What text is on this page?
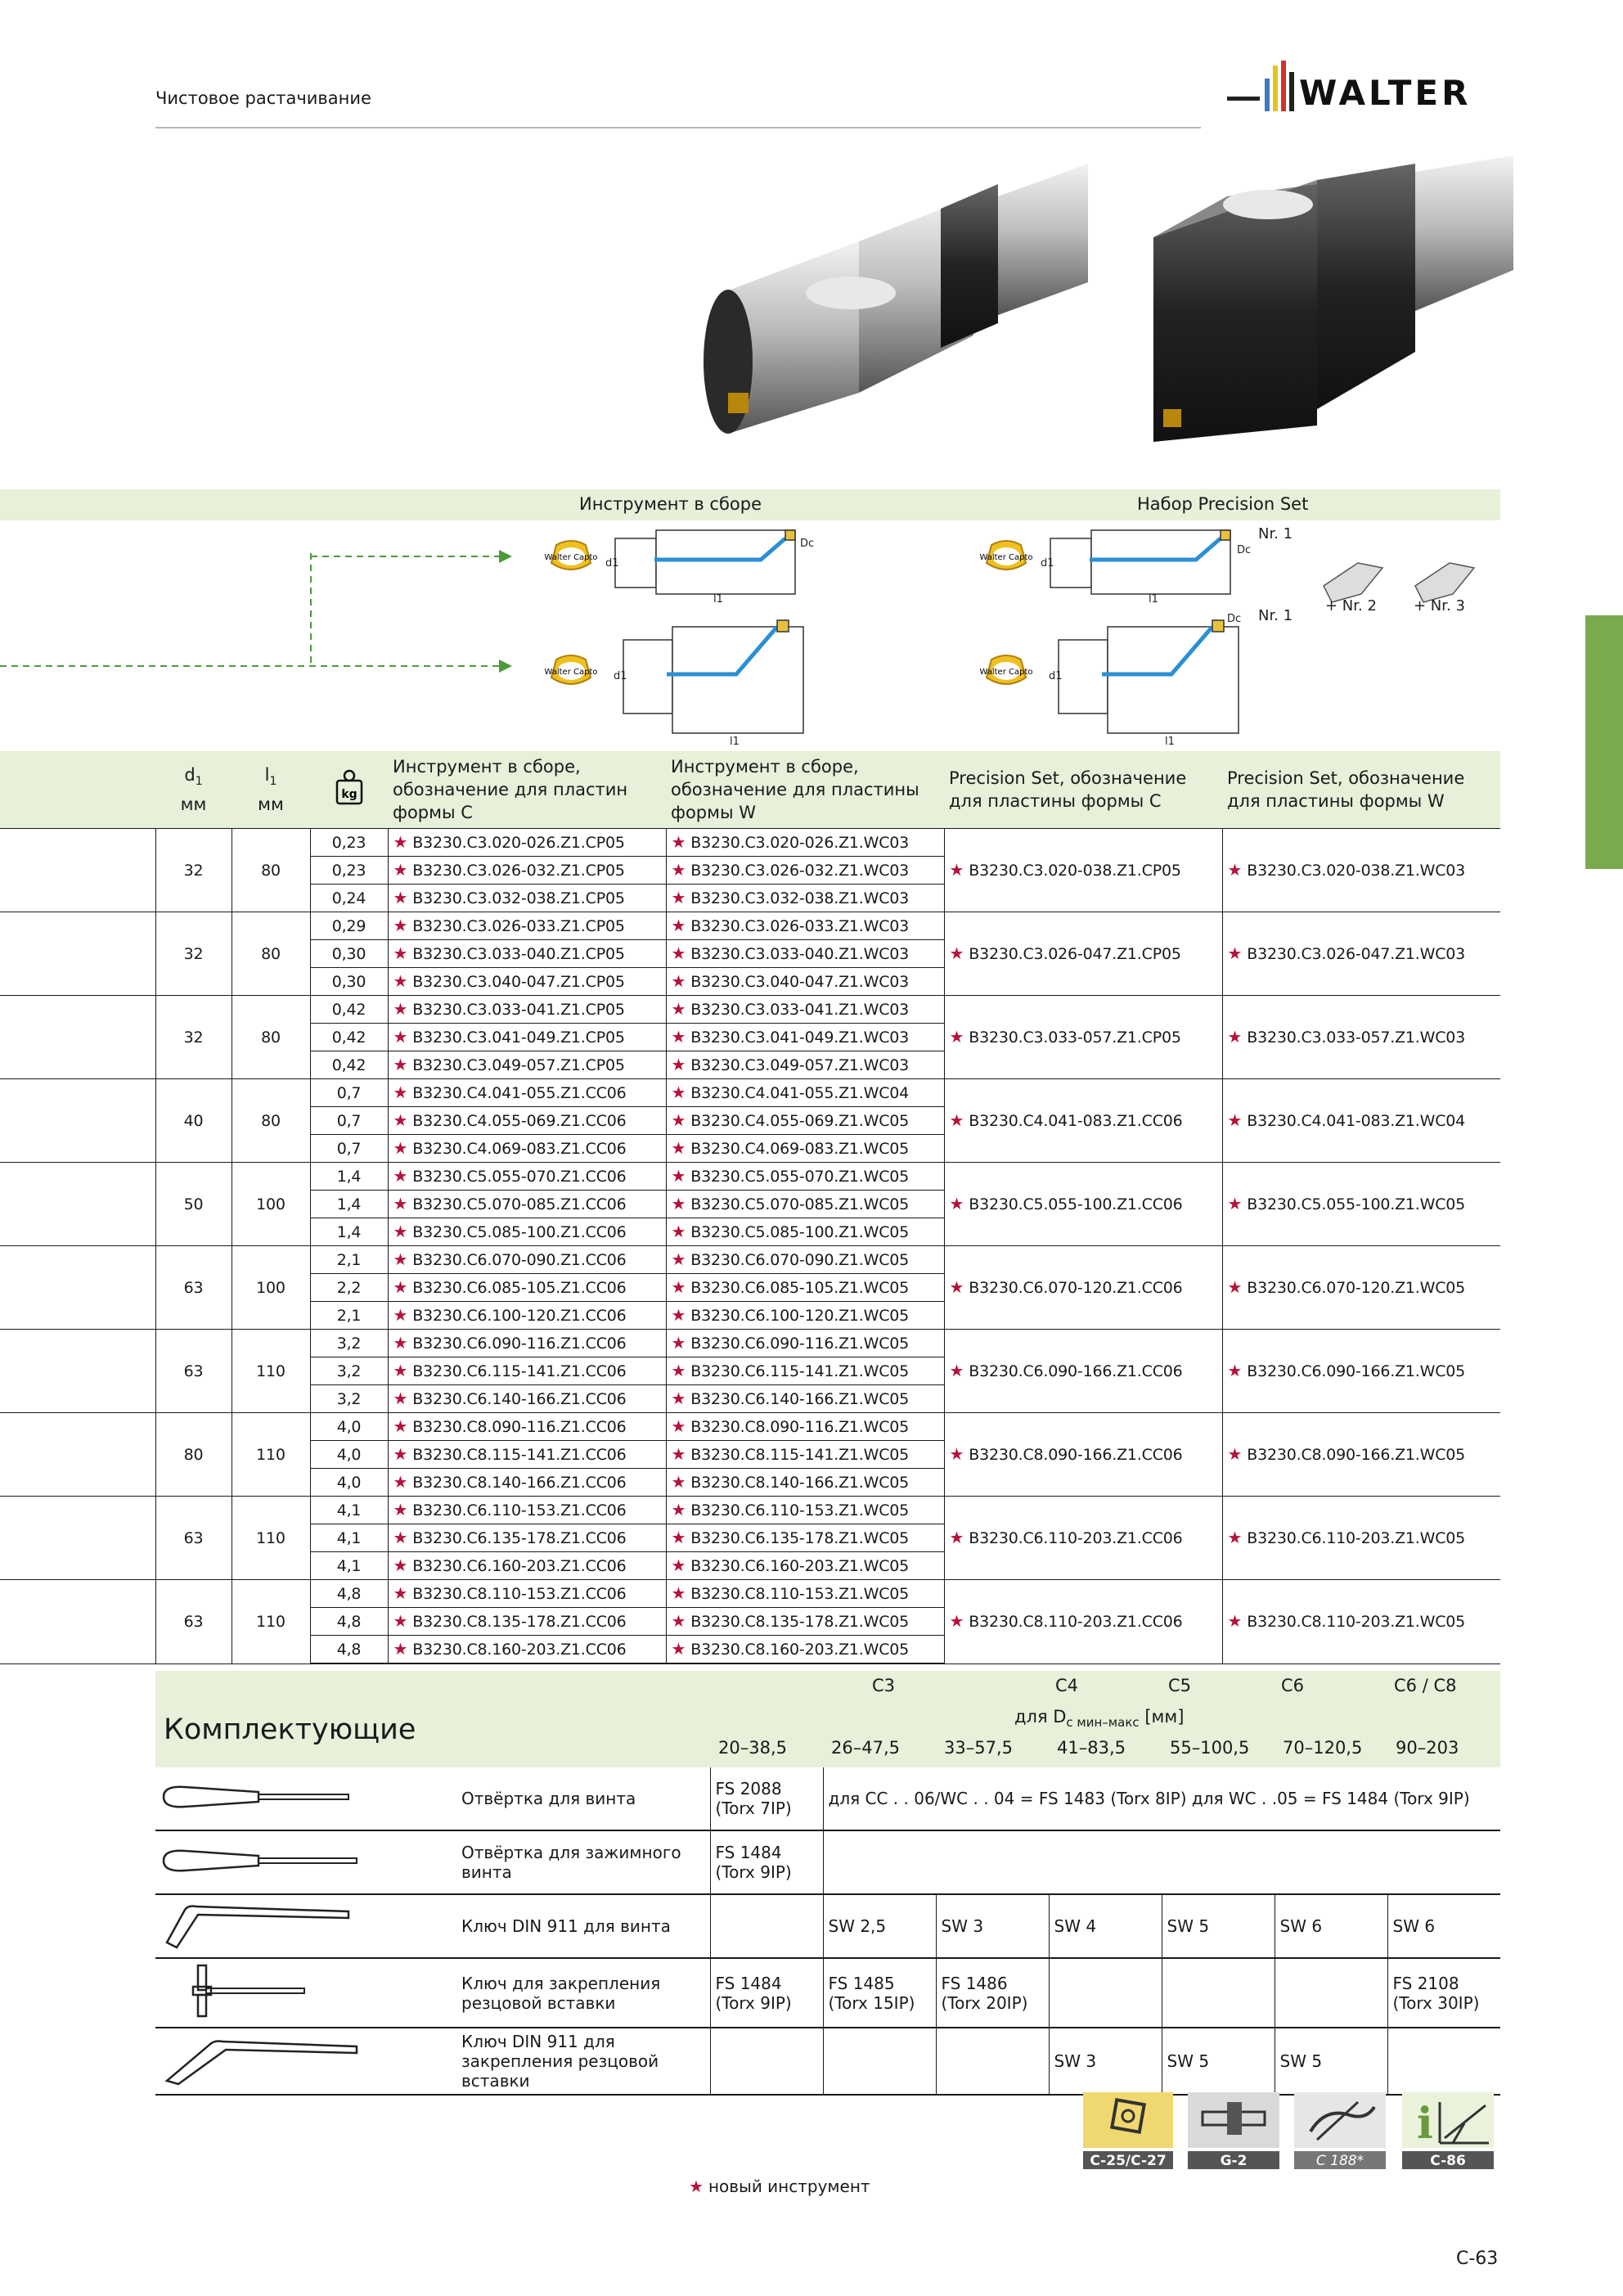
Чистовое растачивание	WALTER
Инструмент в сборе	Набор Precision Set
Walter Capto
Walter Capto
Walter Capto
Walter Capto
Dc
d1
l1
d1
l1
Dc
d1
l1
Nr. 1
Dc
d1
l1
Nr. 1
+ Nr. 2	+ Nr. 3
	$d_1$
мм	$l_1$
мм	kg	Инструмент в сборе, обозначение для пластин формы C	Инструмент в сборе, обозначение для пластины формы W	Precision Set, обозначение для пластины формы C	Precision Set, обозначение для пластины формы W
	32	80	0,23	★ B3230.C3.020-026.Z1.CP05	★ B3230.C3.020-026.Z1.WC03	★ B3230.C3.020-038.Z1.CP05	★ B3230.C3.020-038.Z1.WC03
			0,23	★ B3230.C3.026-032.Z1.CP05	★ B3230.C3.026-032.Z1.WC03		
			0,24	★ B3230.C3.032-038.Z1.CP05	★ B3230.C3.032-038.Z1.WC03		
	32	80	0,29	★ B3230.C3.026-033.Z1.CP05	★ B3230.C3.026-033.Z1.WC03	★ B3230.C3.026-047.Z1.CP05	★ B3230.C3.026-047.Z1.WC03
			0,30	★ B3230.C3.033-040.Z1.CP05	★ B3230.C3.033-040.Z1.WC03		
			0,30	★ B3230.C3.040-047.Z1.CP05	★ B3230.C3.040-047.Z1.WC03		
	32	80	0,42	★ B3230.C3.033-041.Z1.CP05	★ B3230.C3.033-041.Z1.WC03	★ B3230.C3.033-057.Z1.CP05	★ B3230.C3.033-057.Z1.WC03
			0,42	★ B3230.C3.041-049.Z1.CP05	★ B3230.C3.041-049.Z1.WC03		
			0,42	★ B3230.C3.049-057.Z1.CP05	★ B3230.C3.049-057.Z1.WC03		
	40	80	0,7	★ B3230.C4.041-055.Z1.CC06	★ B3230.C4.041-055.Z1.WC04	★ B3230.C4.041-083.Z1.CC06	★ B3230.C4.041-083.Z1.WC04
			0,7	★ B3230.C4.055-069.Z1.CC06	★ B3230.C4.055-069.Z1.WC05		
			0,7	★ B3230.C4.069-083.Z1.CC06	★ B3230.C4.069-083.Z1.WC05		
	50	100	1,4	★ B3230.C5.055-070.Z1.CC06	★ B3230.C5.055-070.Z1.WC05	★ B3230.C5.055-100.Z1.CC06	★ B3230.C5.055-100.Z1.WC05
			1,4	★ B3230.C5.070-085.Z1.CC06	★ B3230.C5.070-085.Z1.WC05		
			1,4	★ B3230.C5.085-100.Z1.CC06	★ B3230.C5.085-100.Z1.WC05		
	63	100	2,1	★ B3230.C6.070-090.Z1.CC06	★ B3230.C6.070-090.Z1.WC05	★ B3230.C6.070-120.Z1.CC06	★ B3230.C6.070-120.Z1.WC05
			2,2	★ B3230.C6.085-105.Z1.CC06	★ B3230.C6.085-105.Z1.WC05		
			2,1	★ B3230.C6.100-120.Z1.CC06	★ B3230.C6.100-120.Z1.WC05		
	63	110	3,2	★ B3230.C6.090-116.Z1.CC06	★ B3230.C6.090-116.Z1.WC05	★ B3230.C6.090-166.Z1.CC06	★ B3230.C6.090-166.Z1.WC05
			3,2	★ B3230.C6.115-141.Z1.CC06	★ B3230.C6.115-141.Z1.WC05		
			3,2	★ B3230.C6.140-166.Z1.CC06	★ B3230.C6.140-166.Z1.WC05		
	80	110	4,0	★ B3230.C8.090-116.Z1.CC06	★ B3230.C8.090-116.Z1.WC05	★ B3230.C8.090-166.Z1.CC06	★ B3230.C8.090-166.Z1.WC05
			4,0	★ B3230.C8.115-141.Z1.CC06	★ B3230.C8.115-141.Z1.WC05		
			4,0	★ B3230.C8.140-166.Z1.CC06	★ B3230.C8.140-166.Z1.WC05		
	63	110	4,1	★ B3230.C6.110-153.Z1.CC06	★ B3230.C6.110-153.Z1.WC05	★ B3230.C6.110-203.Z1.CC06	★ B3230.C6.110-203.Z1.WC05
			4,1	★ B3230.C6.135-178.Z1.CC06	★ B3230.C6.135-178.Z1.WC05		
			4,1	★ B3230.C6.160-203.Z1.CC06	★ B3230.C6.160-203.Z1.WC05		
	63	110	4,8	★ B3230.C8.110-153.Z1.CC06	★ B3230.C8.110-153.Z1.WC05	★ B3230.C8.110-203.Z1.CC06	★ B3230.C8.110-203.Z1.WC05
			4,8	★ B3230.C8.135-178.Z1.CC06	★ B3230.C8.135-178.Z1.WC05		
			4,8	★ B3230.C8.160-203.Z1.CC06	★ B3230.C8.160-203.Z1.WC05		
Комплектующие
C3	C4	C5	C6	C6 / C8
для $D_{c мин-макс}$ [мм]
20–38,5	26–47,5	33–57,5	41–83,5	55–100,5 70–120,5 90–203
	Отвёртка для винта	FS 2088 (Torx 7IP)	для CC . . 06/WC . . 04 = FS 1483 (Torx 8IP) для WC . .05 = FS 1484 (Torx 9IP)					
	Отвёртка для зажимного винта	FS 1484 (Torx 9IP)						
	Ключ DIN 911 для винта		SW 2,5	SW 3	SW 4	SW 5	SW 6	SW 6
	Ключ для закрепления резцовой вставки	FS 1484 (Torx 9IP)	FS 1485 (Torx 15IP)	FS 1486 (Torx 20IP)				FS 2108 (Torx 30IP)
	Ключ DIN 911 для закрепления резцовой вставки				SW 3	SW 5	SW 5	
C-25/C-27	G-2	C 188*
i
C-86
★ новый инструмент
C-63
